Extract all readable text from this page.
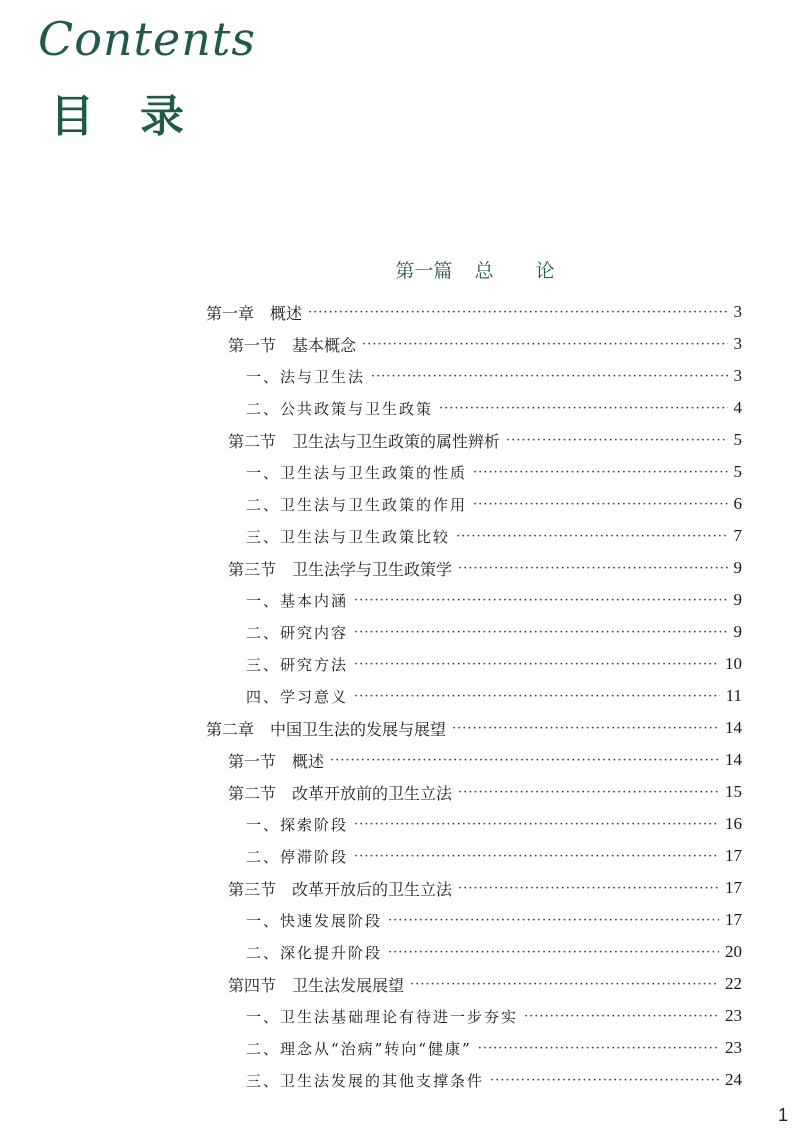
Contents
目录
第一篇 总 论
第一章　概述 ·····	3
第一节　基本概念 ·····	3
一、法与卫生法 ·····	3
二、公共政策与卫生政策 ·····	4
第二节　卫生法与卫生政策的属性辨析 ·····	5
一、卫生法与卫生政策的性质 ·····	5
二、卫生法与卫生政策的作用 ·····	6
三、卫生法与卫生政策比较 ·····	7
第三节　卫生法学与卫生政策学 ·····	9
一、基本内涵 ·····	9
二、研究内容 ·····	9
三、研究方法 ·····	10
四、学习意义 ·····	11
第二章　中国卫生法的发展与展望 ·····	14
第一节　概述 ·····	14
第二节　改革开放前的卫生立法 ·····	15
一、探索阶段 ·····	16
二、停滞阶段 ·····	17
第三节　改革开放后的卫生立法 ·····	17
一、快速发展阶段 ·····	17
二、深化提升阶段 ·····	20
第四节　卫生法发展展望 ·····	22
一、卫生法基础理论有待进一步夯实 ·····	23
二、理念从“治病”转向“健康” ·····	23
三、卫生法发展的其他支撑条件 ·····	24
1
